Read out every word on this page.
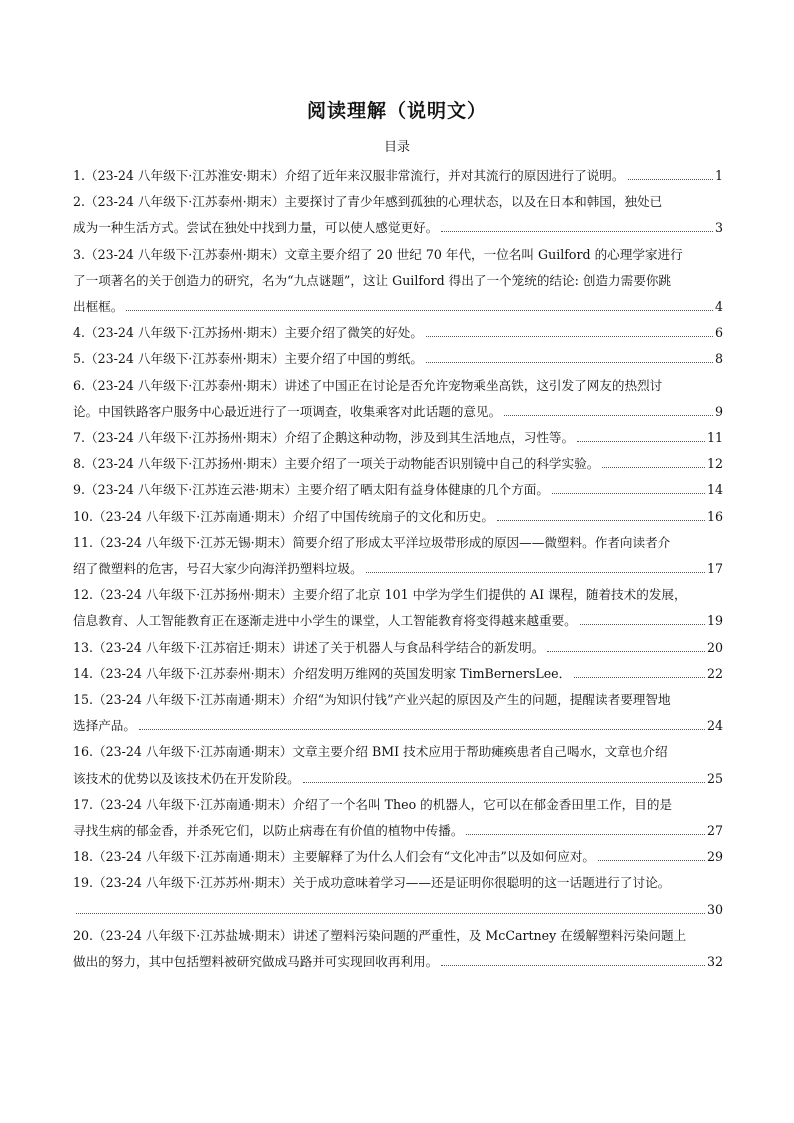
阅读理解（说明文）
目录
1.（23-24 八年级下·江苏淮安·期末）介绍了近年来汉服非常流行，并对其流行的原因进行了说明。	1
2.（23-24 八年级下·江苏泰州·期末）主要探讨了青少年感到孤独的心理状态，以及在日本和韩国，独处已
成为一种生活方式。尝试在独处中找到力量，可以使人感觉更好。	3
3.（23-24 八年级下·江苏泰州·期末）文章主要介绍了 20 世纪 70 年代，一位名叫 Guilford 的心理学家进行
了一项著名的关于创造力的研究，名为“九点谜题”，这让 Guilford 得出了一个笼统的结论: 创造力需要你跳
出框框。	4
4.（23-24 八年级下·江苏扬州·期末）主要介绍了微笑的好处。	6
5.（23-24 八年级下·江苏泰州·期末）主要介绍了中国的剪纸。	8
6.（23-24 八年级下·江苏泰州·期末）讲述了中国正在讨论是否允许宠物乘坐高铁，这引发了网友的热烈讨
论。中国铁路客户服务中心最近进行了一项调查，收集乘客对此话题的意见。	9
7.（23-24 八年级下·江苏扬州·期末）介绍了企鹅这种动物，涉及到其生活地点，习性等。	11
8.（23-24 八年级下·江苏扬州·期末）主要介绍了一项关于动物能否识别镜中自己的科学实验。	12
9.（23-24 八年级下·江苏连云港·期末）主要介绍了晒太阳有益身体健康的几个方面。	14
10.（23-24 八年级下·江苏南通·期末）介绍了中国传统扇子的文化和历史。	16
11.（23-24 八年级下·江苏无锡·期末）简要介绍了形成太平洋垃圾带形成的原因——微塑料。作者向读者介
绍了微塑料的危害，号召大家少向海洋扔塑料垃圾。	17
12.（23-24 八年级下·江苏扬州·期末）主要介绍了北京 101 中学为学生们提供的 AI 课程，随着技术的发展，
信息教育、人工智能教育正在逐渐走进中小学生的课堂，人工智能教育将变得越来越重要。	19
13.（23-24 八年级下·江苏宿迁·期末）讲述了关于机器人与食品科学结合的新发明。	20
14.（23-24 八年级下·江苏泰州·期末）介绍发明万维网的英国发明家 TimBernersLee．	22
15.（23-24 八年级下·江苏南通·期末）介绍“为知识付钱”产业兴起的原因及产生的问题，提醒读者要理智地
选择产品。	24
16.（23-24 八年级下·江苏南通·期末）文章主要介绍 BMI 技术应用于帮助瘫痪患者自己喝水，文章也介绍
该技术的优势以及该技术仍在开发阶段。	25
17.（23-24 八年级下·江苏南通·期末）介绍了一个名叫 Theo 的机器人，它可以在郁金香田里工作，目的是
寻找生病的郁金香，并杀死它们，以防止病毒在有价值的植物中传播。	27
18.（23-24 八年级下·江苏南通·期末）主要解释了为什么人们会有“文化冲击”以及如何应对。	29
19.（23-24 八年级下·江苏苏州·期末）关于成功意味着学习——还是证明你很聪明的这一话题进行了讨论。
30
20.（23-24 八年级下·江苏盐城·期末）讲述了塑料污染问题的严重性，及 McCartney 在缓解塑料污染问题上
做出的努力，其中包括塑料被研究做成马路并可实现回收再利用。	32
